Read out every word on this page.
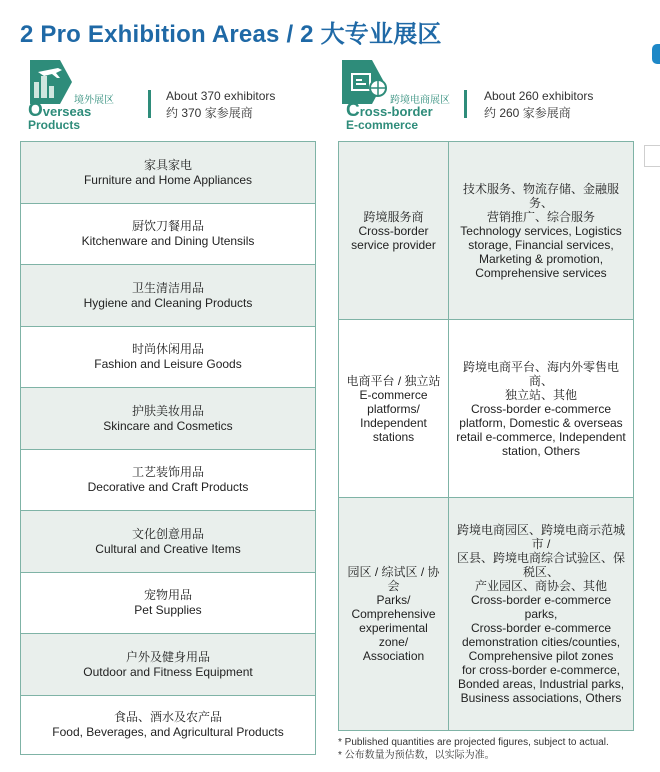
2 Pro Exhibition Areas / 2 大专业展区
境外展区
Overseas
Products
About 370 exhibitors
约 370 家参展商
跨境电商展区
Cross-border
E-commerce
About 260 exhibitors
约 260 家参展商
家具家电
Furniture and Home Appliances
厨饮刀餐用品
Kitchenware and Dining Utensils
卫生清洁用品
Hygiene and Cleaning Products
时尚休闲用品
Fashion and Leisure Goods
护肤美妆用品
Skincare and Cosmetics
工艺装饰用品
Decorative and Craft Products
文化创意用品
Cultural and Creative Items
宠物用品
Pet Supplies
户外及健身用品
Outdoor and Fitness Equipment
食品、酒水及农产品
Food, Beverages, and Agricultural Products
跨境服务商
Cross-border
service provider
技术服务、物流存储、金融服务、
营销推广、综合服务
Technology services, Logistics
storage, Financial services,
Marketing & promotion,
Comprehensive services
电商平台 / 独立站
E-commerce
platforms/
Independent
stations
跨境电商平台、海内外零售电商、
独立站、其他
Cross-border e-commerce
platform, Domestic & overseas
retail e-commerce, Independent
station, Others
园区 / 综试区 / 协会
Parks/
Comprehensive
experimental zone/
Association
跨境电商园区、跨境电商示范城市 /
区县、跨境电商综合试验区、保税区、
产业园区、商协会、其他
Cross-border e-commerce parks,
Cross-border e-commerce
demonstration cities/counties,
Comprehensive pilot zones
for cross-border e-commerce,
Bonded areas, Industrial parks,
Business associations, Others
* Published quantities are projected figures, subject to actual.
* 公布数量为预估数，以实际为准。
